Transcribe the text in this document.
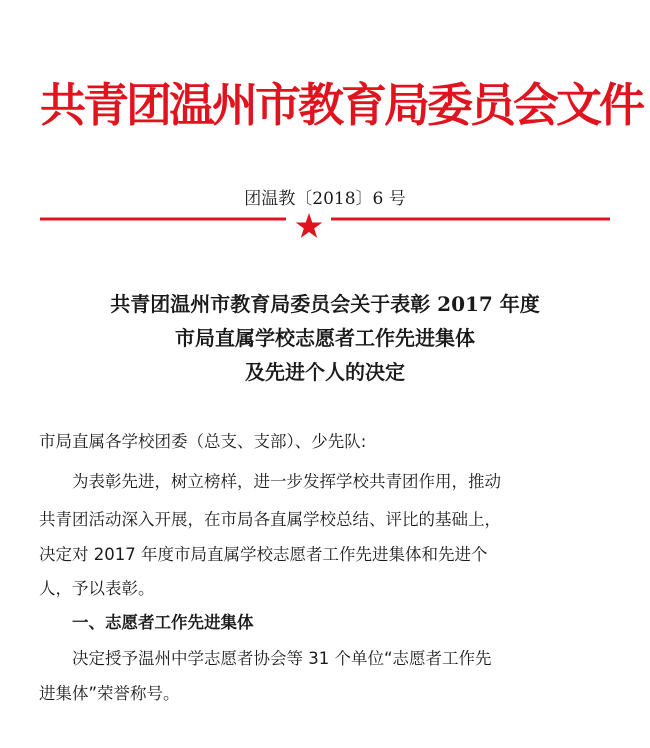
共青团温州市教育局委员会文件
团温教〔2018〕6 号
共青团温州市教育局委员会关于表彰 2017 年度
市局直属学校志愿者工作先进集体
及先进个人的决定
市局直属各学校团委（总支、支部）、少先队:
为表彰先进，树立榜样，进一步发挥学校共青团作用，推动
共青团活动深入开展，在市局各直属学校总结、评比的基础上，
决定对 2017 年度市局直属学校志愿者工作先进集体和先进个
人，予以表彰。
一、志愿者工作先进集体
决定授予温州中学志愿者协会等 31 个单位“志愿者工作先
进集体”荣誉称号。
